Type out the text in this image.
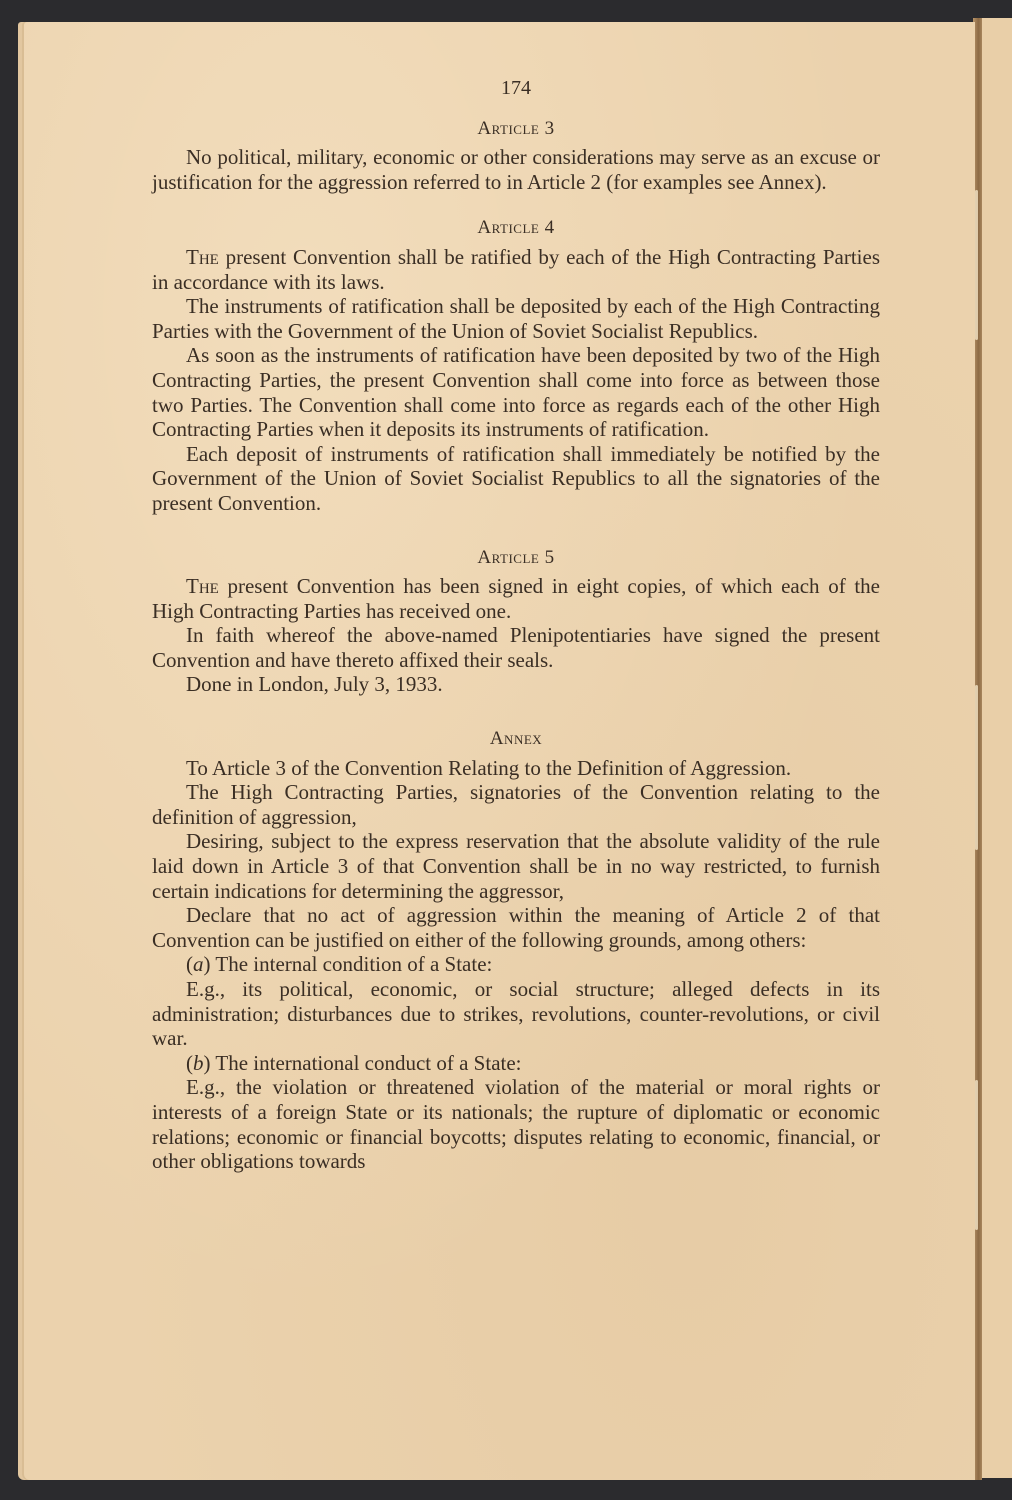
174
Article 3

No political, military, economic or other considerations may serve as an excuse or justification for the aggression referred to in Article 2 (for examples see Annex).

Article 4

The present Convention shall be ratified by each of the High Contracting Parties in accordance with its laws.

The instruments of ratification shall be deposited by each of the High Contracting Parties with the Government of the Union of Soviet Socialist Republics.

As soon as the instruments of ratification have been deposited by two of the High Contracting Parties, the present Convention shall come into force as between those two Parties. The Convention shall come into force as regards each of the other High Contracting Parties when it deposits its instruments of ratification.

Each deposit of instruments of ratification shall immediately be notified by the Government of the Union of Soviet Socialist Republics to all the signatories of the present Convention.

Article 5

The present Convention has been signed in eight copies, of which each of the High Contracting Parties has received one.

In faith whereof the above-named Plenipotentiaries have signed the present Convention and have thereto affixed their seals.

Done in London, July 3, 1933.

Annex

To Article 3 of the Convention Relating to the Definition of Aggression.

The High Contracting Parties, signatories of the Convention relating to the definition of aggression,

Desiring, subject to the express reservation that the absolute validity of the rule laid down in Article 3 of that Convention shall be in no way restricted, to furnish certain indications for determining the aggressor,

Declare that no act of aggression within the meaning of Article 2 of that Convention can be justified on either of the following grounds, among others:

(a) The internal condition of a State:

E.g., its political, economic, or social structure; alleged defects in its administration; disturbances due to strikes, revolutions, counter-revolutions, or civil war.

(b) The international conduct of a State:

E.g., the violation or threatened violation of the material or moral rights or interests of a foreign State or its nationals; the rupture of diplomatic or economic relations; economic or financial boycotts; disputes relating to economic, financial, or other obligations towards
